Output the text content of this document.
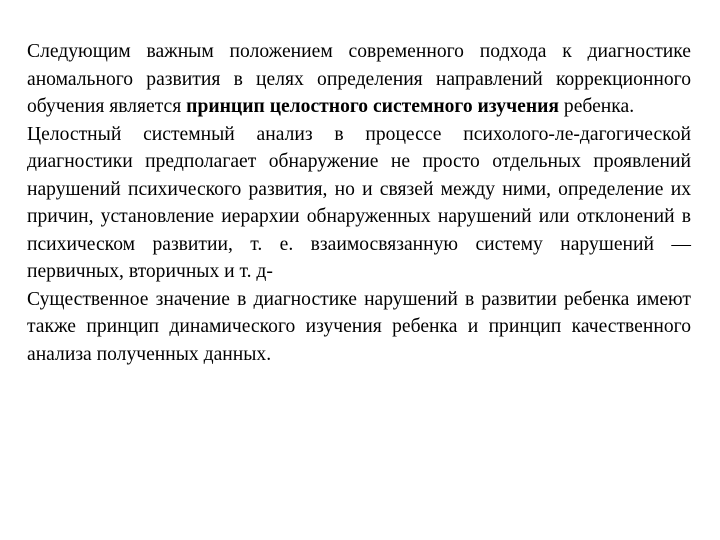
Следующим важным положением современного подхода к диагностике аномального развития в целях определения направлений коррекционного обучения является принцип целостного системного изучения ребенка.

Целостный системный анализ в процессе психолого-ле-дагогической диагностики предполагает обнаружение не просто отдельных проявлений нарушений психического развития, но и связей между ними, определение их причин, установление иерархии обнаруженных нарушений или отклонений в психическом развитии, т. е. взаимосвязанную систему нарушений — первичных, вторичных и т. д-

Существенное значение в диагностике нарушений в развитии ребенка имеют также принцип динамического изучения ребенка и принцип качественного анализа полученных данных.
